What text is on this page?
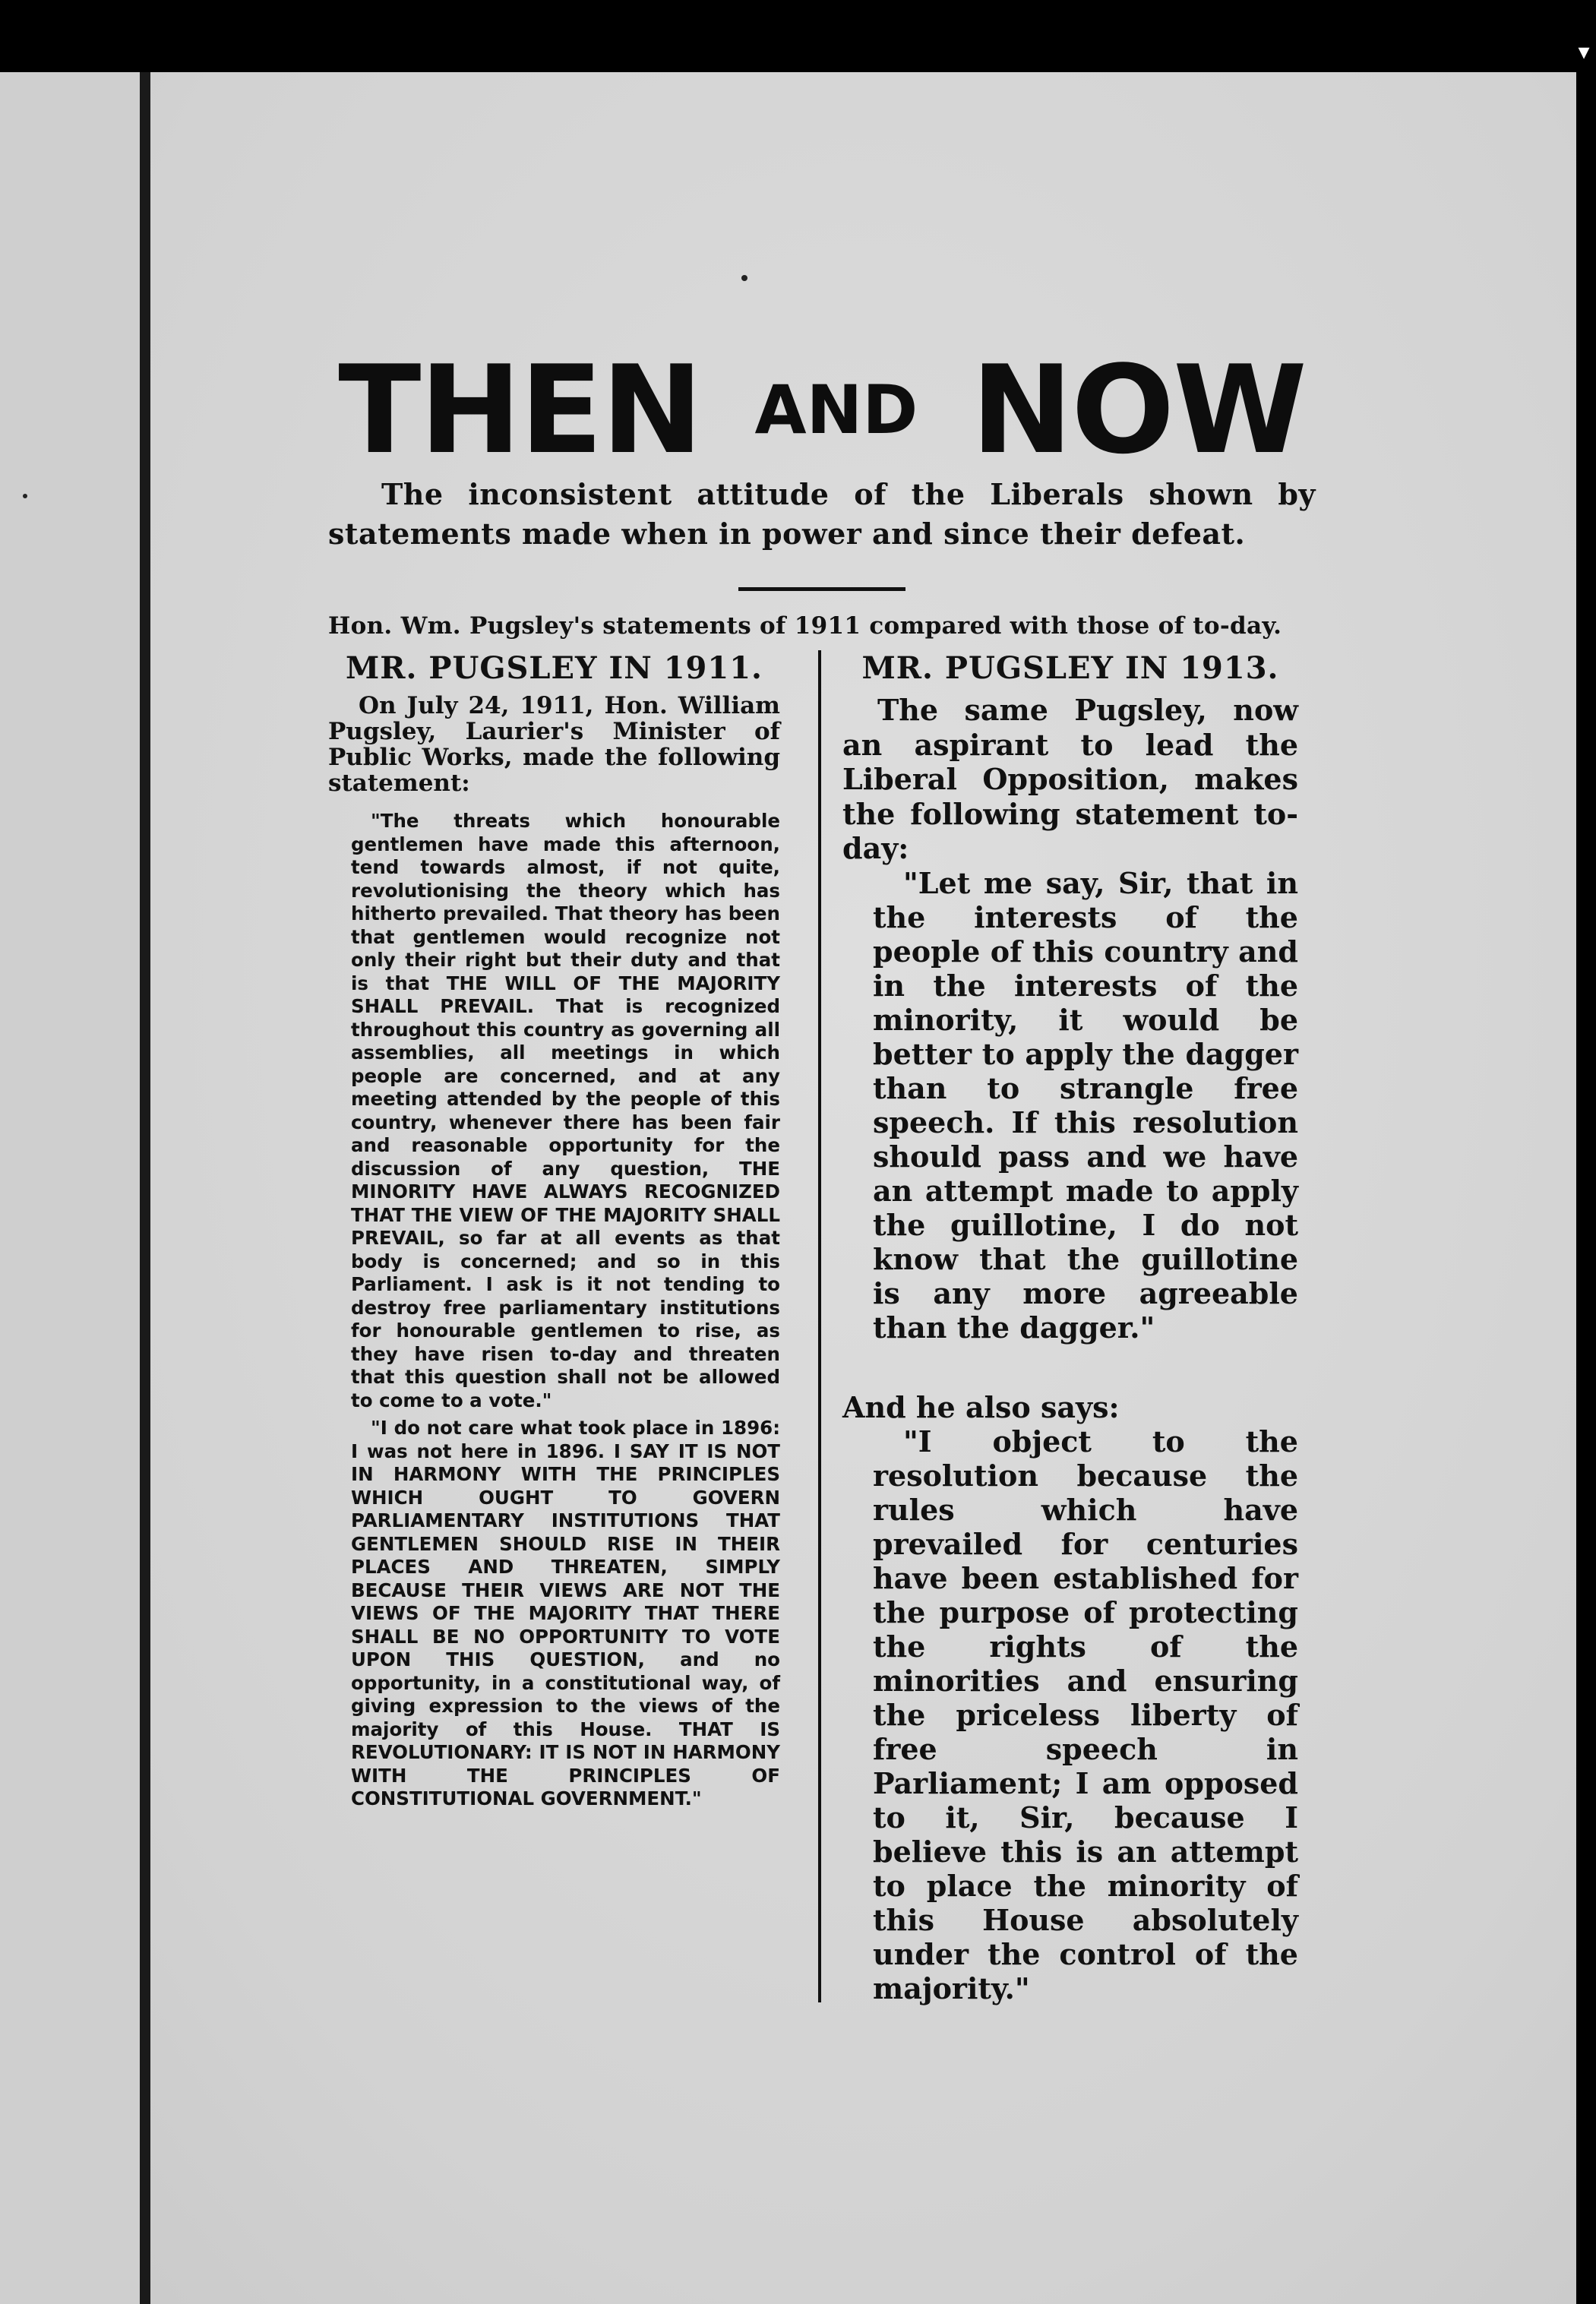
▾
THEN AND NOW

The inconsistent attitude of the Liberals shown by statements made when in power and since their defeat.

Hon. Wm. Pugsley's statements of 1911 compared with those of to-day.

MR. PUGSLEY IN 1911.

On July 24, 1911, Hon. William Pugsley, Laurier's Minister of Public Works, made the following statement:

"The threats which honourable gentlemen have made this afternoon, tend towards almost, if not quite, revolutionising the theory which has hitherto prevailed. That theory has been that gentlemen would recognize not only their right but their duty and that is that THE WILL OF THE MAJORITY SHALL PREVAIL. That is recognized throughout this country as governing all assemblies, all meetings in which people are concerned, and at any meeting attended by the people of this country, whenever there has been fair and reasonable opportunity for the discussion of any question, THE MINORITY HAVE ALWAYS RECOGNIZED THAT THE VIEW OF THE MAJORITY SHALL PREVAIL, so far at all events as that body is concerned; and so in this Parliament. I ask is it not tending to destroy free parliamentary institutions for honourable gentlemen to rise, as they have risen to-day and threaten that this question shall not be allowed to come to a vote."

"I do not care what took place in 1896: I was not here in 1896. I SAY IT IS NOT IN HARMONY WITH THE PRINCIPLES WHICH OUGHT TO GOVERN PARLIAMENTARY INSTITUTIONS THAT GENTLEMEN SHOULD RISE IN THEIR PLACES AND THREATEN, SIMPLY BECAUSE THEIR VIEWS ARE NOT THE VIEWS OF THE MAJORITY THAT THERE SHALL BE NO OPPORTUNITY TO VOTE UPON THIS QUESTION, and no opportunity, in a constitutional way, of giving expression to the views of the majority of this House. THAT IS REVOLUTIONARY: IT IS NOT IN HARMONY WITH THE PRINCIPLES OF CONSTITUTIONAL GOVERNMENT."

MR. PUGSLEY IN 1913.

The same Pugsley, now an aspirant to lead the Liberal Opposition, makes the following statement to-day:

"Let me say, Sir, that in the interests of the people of this country and in the interests of the minority, it would be better to apply the dagger than to strangle free speech. If this resolution should pass and we have an attempt made to apply the guillotine, I do not know that the guillotine is any more agreeable than the dagger."

And he also says:

"I object to the resolution because the rules which have prevailed for centuries have been established for the purpose of protecting the rights of the minorities and ensuring the priceless liberty of free speech in Parliament; I am opposed to it, Sir, because I believe this is an attempt to place the minority of this House absolutely under the control of the majority."
